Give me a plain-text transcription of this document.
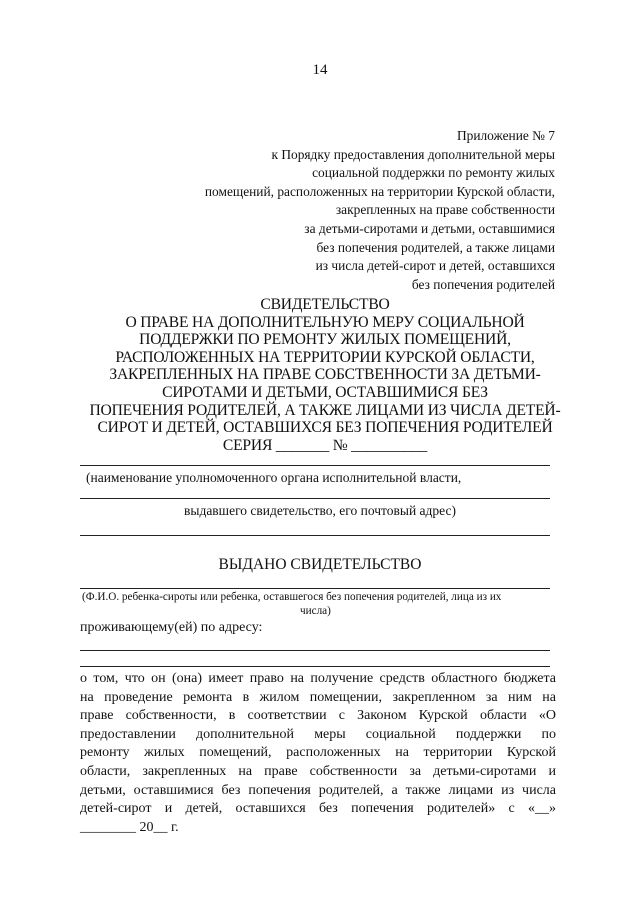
14
Приложение № 7
к Порядку предоставления дополнительной меры
социальной поддержки по ремонту жилых
помещений, расположенных на территории Курской области,
закрепленных на праве собственности
за детьми-сиротами и детьми, оставшимися
без попечения родителей, а также лицами
из числа детей-сирот и детей, оставшихся
без попечения родителей
СВИДЕТЕЛЬСТВО
О ПРАВЕ НА ДОПОЛНИТЕЛЬНУЮ МЕРУ СОЦИАЛЬНОЙ
ПОДДЕРЖКИ ПО РЕМОНТУ ЖИЛЫХ ПОМЕЩЕНИЙ,
РАСПОЛОЖЕННЫХ НА ТЕРРИТОРИИ КУРСКОЙ ОБЛАСТИ,
ЗАКРЕПЛЕННЫХ НА ПРАВЕ СОБСТВЕННОСТИ ЗА ДЕТЬМИ-
СИРОТАМИ И ДЕТЬМИ, ОСТАВШИМИСЯ БЕЗ
ПОПЕЧЕНИЯ РОДИТЕЛЕЙ, А ТАКЖЕ ЛИЦАМИ ИЗ ЧИСЛА ДЕТЕЙ-
СИРОТ И ДЕТЕЙ, ОСТАВШИХСЯ БЕЗ ПОПЕЧЕНИЯ РОДИТЕЛЕЙ
СЕРИЯ _______ № __________
(наименование уполномоченного органа исполнительной власти,
выдавшего свидетельство, его почтовый адрес)
ВЫДАНО СВИДЕТЕЛЬСТВО
(Ф.И.О. ребенка-сироты или ребенка, оставшегося без попечения родителей, лица из их
числа)
проживающему(ей) по адресу:
о том, что он (она) имеет право на получение средств областного бюджета
на проведение ремонта в жилом помещении, закрепленном за ним на
праве собственности, в соответствии с Законом Курской области «О
предоставлении дополнительной меры социальной поддержки по
ремонту жилых помещений, расположенных на территории Курской
области, закрепленных на праве собственности за детьми-сиротами и
детьми, оставшимися без попечения родителей, а также лицами из числа
детей-сирот и детей, оставшихся без попечения родителей» с «__»
________ 20__ г.
